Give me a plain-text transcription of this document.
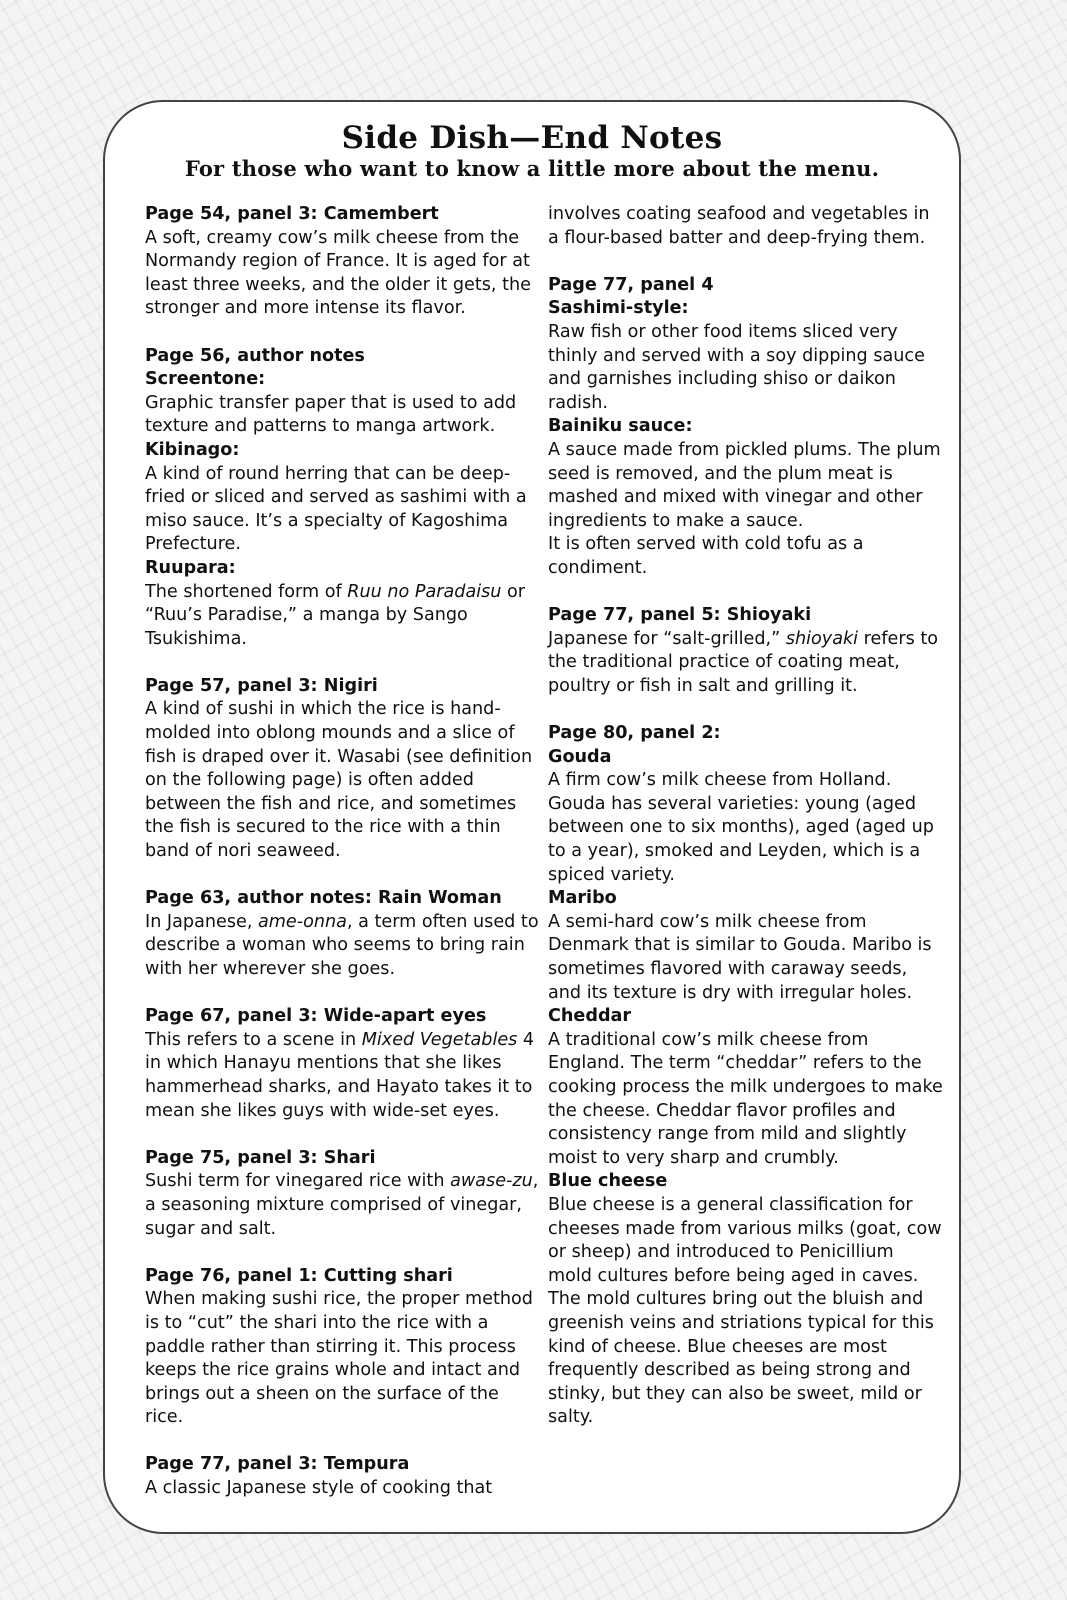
Side Dish—End Notes
For those who want to know a little more about the menu.
Page 54, panel 3: Camembert
A soft, creamy cow’s milk cheese from the Normandy region of France. It is aged for at least three weeks, and the older it gets, the stronger and more intense its flavor.
Page 56, author notes
Screentone:
Graphic transfer paper that is used to add texture and patterns to manga artwork.
Kibinago:
A kind of round herring that can be deep-fried or sliced and served as sashimi with a miso sauce. It’s a specialty of Kagoshima Prefecture.
Ruupara:
The shortened form of Ruu no Paradaisu or “Ruu’s Paradise,” a manga by Sango Tsukishima.
Page 57, panel 3: Nigiri
A kind of sushi in which the rice is hand-molded into oblong mounds and a slice of fish is draped over it. Wasabi (see definition on the following page) is often added between the fish and rice, and sometimes the fish is secured to the rice with a thin band of nori seaweed.
Page 63, author notes: Rain Woman
In Japanese, ame-onna, a term often used to describe a woman who seems to bring rain with her wherever she goes.
Page 67, panel 3: Wide-apart eyes
This refers to a scene in Mixed Vegetables 4 in which Hanayu mentions that she likes hammerhead sharks, and Hayato takes it to mean she likes guys with wide-set eyes.
Page 75, panel 3: Shari
Sushi term for vinegared rice with awase-zu, a seasoning mixture comprised of vinegar, sugar and salt.
Page 76, panel 1: Cutting shari
When making sushi rice, the proper method is to “cut” the shari into the rice with a paddle rather than stirring it. This process keeps the rice grains whole and intact and brings out a sheen on the surface of the rice.
Page 77, panel 3: Tempura
A classic Japanese style of cooking that
involves coating seafood and vegetables in a flour-based batter and deep-frying them.
Page 77, panel 4
Sashimi-style:
Raw fish or other food items sliced very thinly and served with a soy dipping sauce and garnishes including shiso or daikon radish.
Bainiku sauce:
A sauce made from pickled plums. The plum seed is removed, and the plum meat is mashed and mixed with vinegar and other ingredients to make a sauce.
It is often served with cold tofu as a condiment.
Page 77, panel 5: Shioyaki
Japanese for “salt-grilled,” shioyaki refers to the traditional practice of coating meat, poultry or fish in salt and grilling it.
Page 80, panel 2:
Gouda
A firm cow’s milk cheese from Holland. Gouda has several varieties: young (aged between one to six months), aged (aged up to a year), smoked and Leyden, which is a spiced variety.
Maribo
A semi-hard cow’s milk cheese from Denmark that is similar to Gouda. Maribo is sometimes flavored with caraway seeds, and its texture is dry with irregular holes.
Cheddar
A traditional cow’s milk cheese from England. The term “cheddar” refers to the cooking process the milk undergoes to make the cheese. Cheddar flavor profiles and consistency range from mild and slightly moist to very sharp and crumbly.
Blue cheese
Blue cheese is a general classification for cheeses made from various milks (goat, cow or sheep) and introduced to Penicillium mold cultures before being aged in caves. The mold cultures bring out the bluish and greenish veins and striations typical for this kind of cheese. Blue cheeses are most frequently described as being strong and stinky, but they can also be sweet, mild or salty.
